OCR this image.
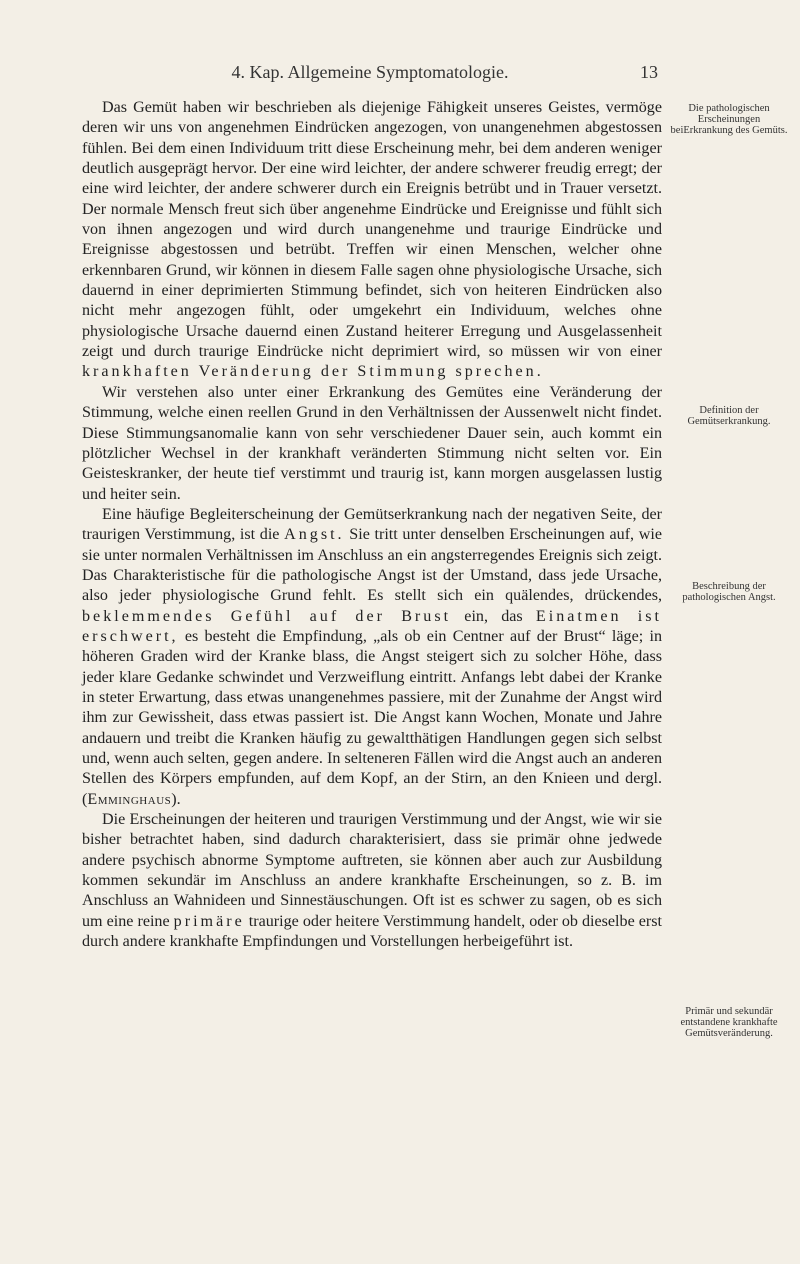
4. Kap. Allgemeine Symptomatologie.	13

Das Gemüt haben wir beschrieben als diejenige Fähigkeit unseres Geistes, vermöge deren wir uns von angenehmen Eindrücken angezogen, von unangenehmen abgestossen fühlen. Bei dem einen Individuum tritt diese Erscheinung mehr, bei dem anderen weniger deutlich ausgeprägt hervor. Der eine wird leichter, der andere schwerer freudig erregt; der eine wird leichter, der andere schwerer durch ein Ereignis betrübt und in Trauer versetzt. Der normale Mensch freut sich über angenehme Eindrücke und Ereignisse und fühlt sich von ihnen angezogen und wird durch unangenehme und traurige Eindrücke und Ereignisse abgestossen und betrübt. Treffen wir einen Menschen, welcher ohne erkennbaren Grund, wir können in diesem Falle sagen ohne physiologische Ursache, sich dauernd in einer deprimierten Stimmung befindet, sich von heiteren Eindrücken also nicht mehr angezogen fühlt, oder umgekehrt ein Individuum, welches ohne physiologische Ursache dauernd einen Zustand heiterer Erregung und Ausgelassenheit zeigt und durch traurige Eindrücke nicht deprimiert wird, so müssen wir von einer krankhaften Veränderung der Stimmung sprechen.

Wir verstehen also unter einer Erkrankung des Gemütes eine Veränderung der Stimmung, welche einen reellen Grund in den Verhältnissen der Aussenwelt nicht findet. Diese Stimmungsanomalie kann von sehr verschiedener Dauer sein, auch kommt ein plötzlicher Wechsel in der krankhaft veränderten Stimmung nicht selten vor. Ein Geisteskranker, der heute tief verstimmt und traurig ist, kann morgen ausgelassen lustig und heiter sein.

Eine häufige Begleiterscheinung der Gemütserkrankung nach der negativen Seite, der traurigen Verstimmung, ist die Angst. Sie tritt unter denselben Erscheinungen auf, wie sie unter normalen Verhältnissen im Anschluss an ein angsterregendes Ereignis sich zeigt. Das Charakteristische für die pathologische Angst ist der Umstand, dass jede Ursache, also jeder physiologische Grund fehlt. Es stellt sich ein quälendes, drückendes, beklemmendes Gefühl auf der Brust ein, das Einatmen ist erschwert, es besteht die Empfindung, „als ob ein Centner auf der Brust“ läge; in höheren Graden wird der Kranke blass, die Angst steigert sich zu solcher Höhe, dass jeder klare Gedanke schwindet und Verzweiflung eintritt. Anfangs lebt dabei der Kranke in steter Erwartung, dass etwas unangenehmes passiere, mit der Zunahme der Angst wird ihm zur Gewissheit, dass etwas passiert ist. Die Angst kann Wochen, Monate und Jahre andauern und treibt die Kranken häufig zu gewaltthätigen Handlungen gegen sich selbst und, wenn auch selten, gegen andere. In selteneren Fällen wird die Angst auch an anderen Stellen des Körpers empfunden, auf dem Kopf, an der Stirn, an den Knieen und dergl. (Emminghaus).

Die Erscheinungen der heiteren und traurigen Verstimmung und der Angst, wie wir sie bisher betrachtet haben, sind dadurch charakterisiert, dass sie primär ohne jedwede andere psychisch abnorme Symptome auftreten, sie können aber auch zur Ausbildung kommen sekundär im Anschluss an andere krankhafte Erscheinungen, so z. B. im Anschluss an Wahnideen und Sinnestäuschungen. Oft ist es schwer zu sagen, ob es sich um eine reine primäre traurige oder heitere Verstimmung handelt, oder ob dieselbe erst durch andere krankhafte Empfindungen und Vorstellungen herbeigeführt ist.

Die pathologischen Erscheinungen beiErkrankung des Gemüts.
Definition der Gemütserkrankung.
Beschreibung der pathologischen Angst.
Primär und sekundär entstandene krankhafte Gemütsveränderung.
